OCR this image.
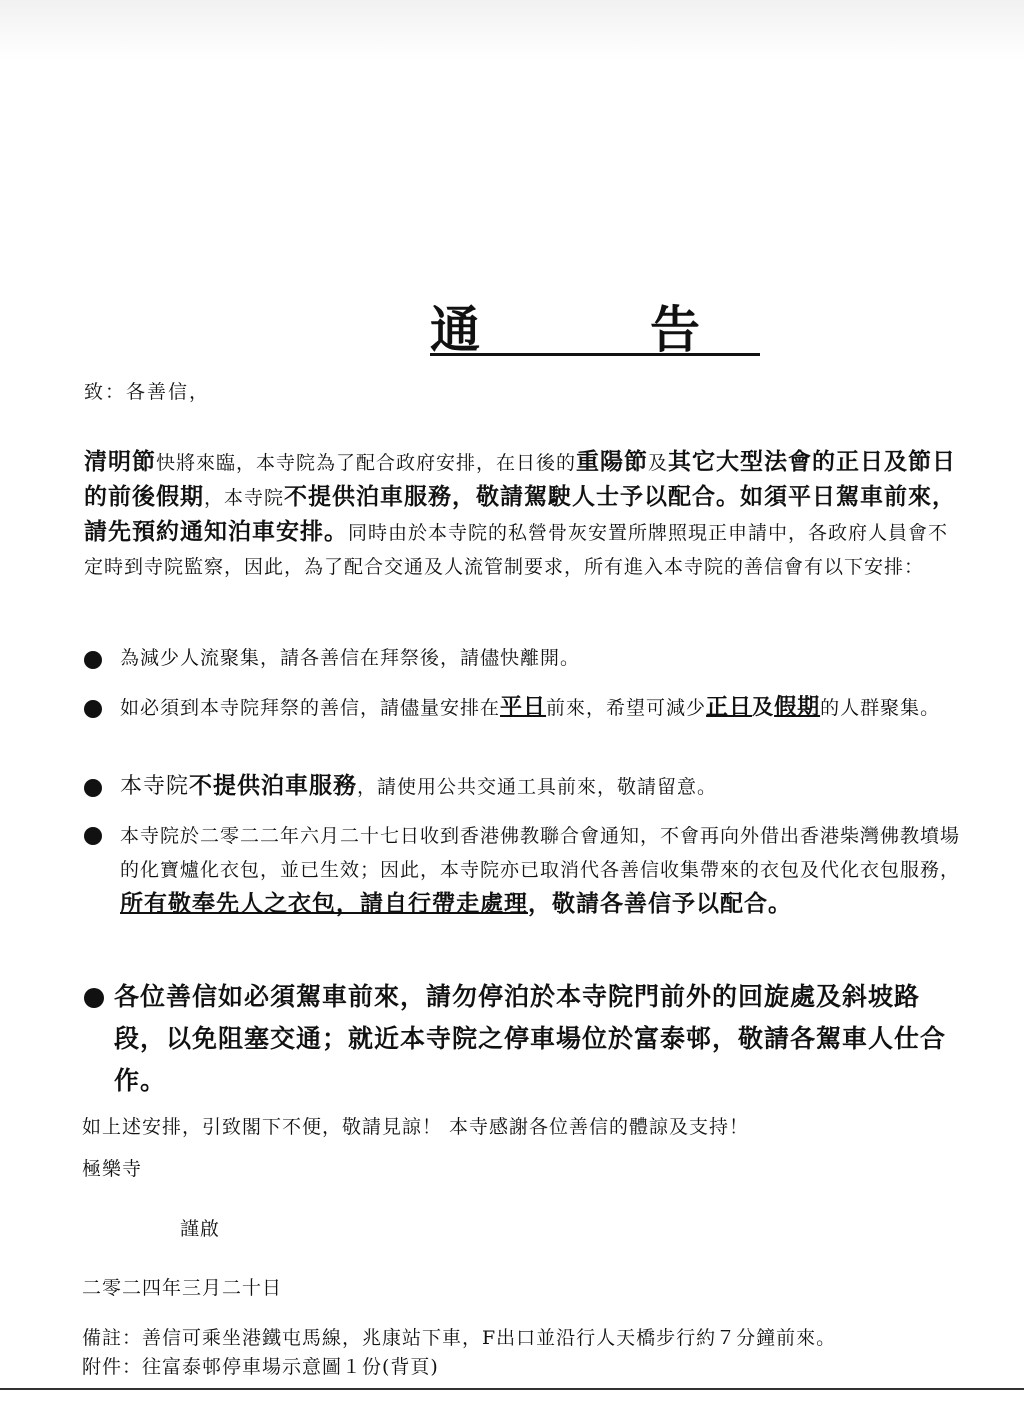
通　告
致：各善信，
清明節快將來臨，本寺院為了配合政府安排，在日後的重陽節及其它大型法會的正日及節日的前後假期，本寺院不提供泊車服務，敬請駕駛人士予以配合。如須平日駕車前來，請先預約通知泊車安排。同時由於本寺院的私營骨灰安置所牌照現正申請中，各政府人員會不定時到寺院監察，因此，為了配合交通及人流管制要求，所有進入本寺院的善信會有以下安排：
為減少人流聚集，請各善信在拜祭後，請儘快離開。
如必須到本寺院拜祭的善信，請儘量安排在平日前來，希望可減少正日及假期的人群聚集。
本寺院不提供泊車服務，請使用公共交通工具前來，敬請留意。
本寺院於二零二二年六月二十七日收到香港佛教聯合會通知，不會再向外借出香港柴灣佛教墳場的化寶爐化衣包，並已生效；因此，本寺院亦已取消代各善信收集帶來的衣包及代化衣包服務，所有敬奉先人之衣包，請自行帶走處理，敬請各善信予以配合。
各位善信如必須駕車前來，請勿停泊於本寺院門前外的回旋處及斜坡路段，以免阻塞交通；就近本寺院之停車場位於富泰邨，敬請各駕車人仕合作。
如上述安排，引致閣下不便，敬請見諒！ 本寺感謝各位善信的體諒及支持！
極樂寺
謹啟
二零二四年三月二十日
備註：善信可乘坐港鐵屯馬線，兆康站下車，F出口並沿行人天橋步行約７分鐘前來。
附件：往富泰邨停車場示意圖１份(背頁)
